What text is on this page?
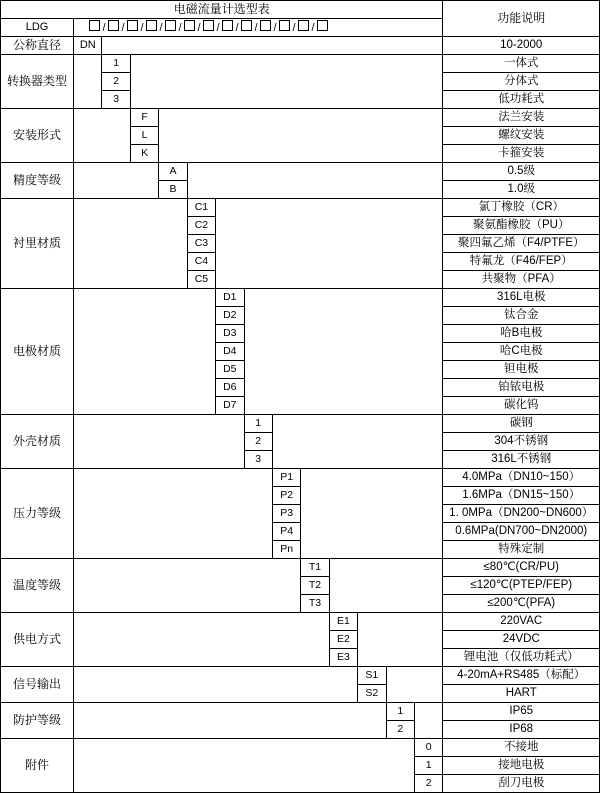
电磁流量计选型表														功能说明
LDG	/ / / / / / / / / / / /													

公称直径	DN													10-2000
转换器类型		1												一体式
		2												分体式
		3												低功耗式
安装形式			F											法兰安装
			L											螺纹安装
			K											卡箍安装
精度等级				A										0.5级
				B										1.0级
衬里材质					C1									氯丁橡胶（CR）
					C2									聚氨酯橡胶（PU）
					C3									聚四氟乙烯（F4/PTFE）
					C4									特氟龙（F46/FEP）
					C5									共聚物（PFA）
电极材质						D1								316L电极
						D2								钛合金
						D3								哈B电极
						D4								哈C电极
						D5								钽电极
						D6								铂铱电极
						D7								碳化钨
外壳材质							1							碳钢
							2							304不锈钢
							3							316L不锈钢
压力等级								P1						4.0MPa（DN10~150）
								P2						1.6MPa（DN15~150）
								P3						1. 0MPa（DN200~DN600）
								P4						0.6MPa(DN700~DN2000)
								Pn						特殊定制
温度等级									T1					≤80℃(CR/PU)
									T2					≤120℃(PTEP/FEP)
									T3					≤200℃(PFA)
供电方式										E1				220VAC
										E2				24VDC
										E3				锂电池（仅低功耗式）
信号输出											S1			4-20mA+RS485（标配）
											S2			HART
防护等级												1		IP65
												2		IP68
附件													0	不接地
													1	接地电极
													2	刮刀电极
